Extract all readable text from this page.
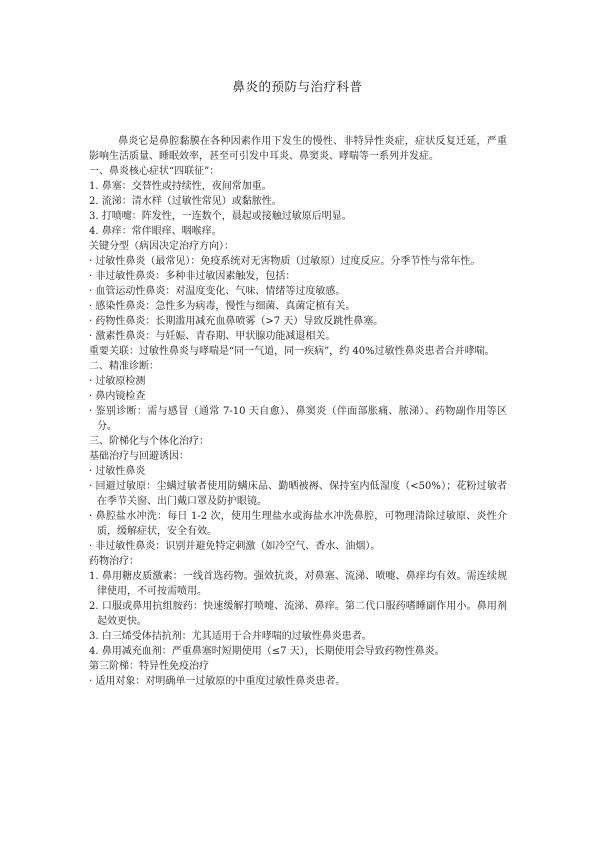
鼻炎的预防与治疗科普

鼻炎它是鼻腔黏膜在各种因素作用下发生的慢性、非特异性炎症，症状反复迁延，严重影响生活质量、睡眠效率，甚至可引发中耳炎、鼻窦炎、哮喘等一系列并发症。

一、鼻炎核心症状“四联征”：

1. 鼻塞：交替性或持续性，夜间常加重。

2. 流涕：清水样（过敏性常见）或黏脓性。

3. 打喷嚏：阵发性，一连数个，晨起或接触过敏原后明显。

4. 鼻痒：常伴眼痒、咽喉痒。

关键分型（病因决定治疗方向）：

· 过敏性鼻炎（最常见）：免疫系统对无害物质（过敏原）过度反应。分季节性与常年性。

· 非过敏性鼻炎：多种非过敏因素触发，包括：

· 血管运动性鼻炎：对温度变化、气味、情绪等过度敏感。

· 感染性鼻炎：急性多为病毒，慢性与细菌、真菌定植有关。

· 药物性鼻炎：长期滥用减充血鼻喷雾（>7 天）导致反跳性鼻塞。

· 激素性鼻炎：与妊娠、青春期、甲状腺功能减退相关。

重要关联：过敏性鼻炎与哮喘是“同一气道，同一疾病”，约 40%过敏性鼻炎患者合并哮喘。

二、精准诊断：

· 过敏原检测

· 鼻内镜检查

· 鉴别诊断：需与感冒（通常 7-10 天自愈）、鼻窦炎（伴面部胀痛、脓涕）、药物副作用等区分。

三、阶梯化与个体化治疗：

基础治疗与回避诱因：

· 过敏性鼻炎

· 回避过敏原：尘螨过敏者使用防螨床品、勤晒被褥、保持室内低湿度（<50%）；花粉过敏者在季节关窗、出门戴口罩及防护眼镜。

· 鼻腔盐水冲洗：每日 1-2 次，使用生理盐水或海盐水冲洗鼻腔，可物理清除过敏原、炎性介质，缓解症状，安全有效。

· 非过敏性鼻炎：识别并避免特定刺激（如冷空气、香水、油烟）。

药物治疗：

1. 鼻用糖皮质激素：一线首选药物。强效抗炎，对鼻塞、流涕、喷嚏、鼻痒均有效。需连续规律使用，不可按需喷用。

2. 口服或鼻用抗组胺药：快速缓解打喷嚏、流涕、鼻痒。第二代口服药嗜睡副作用小。鼻用剂起效更快。

3. 白三烯受体拮抗剂：尤其适用于合并哮喘的过敏性鼻炎患者。

4. 鼻用减充血剂：严重鼻塞时短期使用（≤7 天），长期使用会导致药物性鼻炎。

第三阶梯：特异性免疫治疗

· 适用对象：对明确单一过敏原的中重度过敏性鼻炎患者。
